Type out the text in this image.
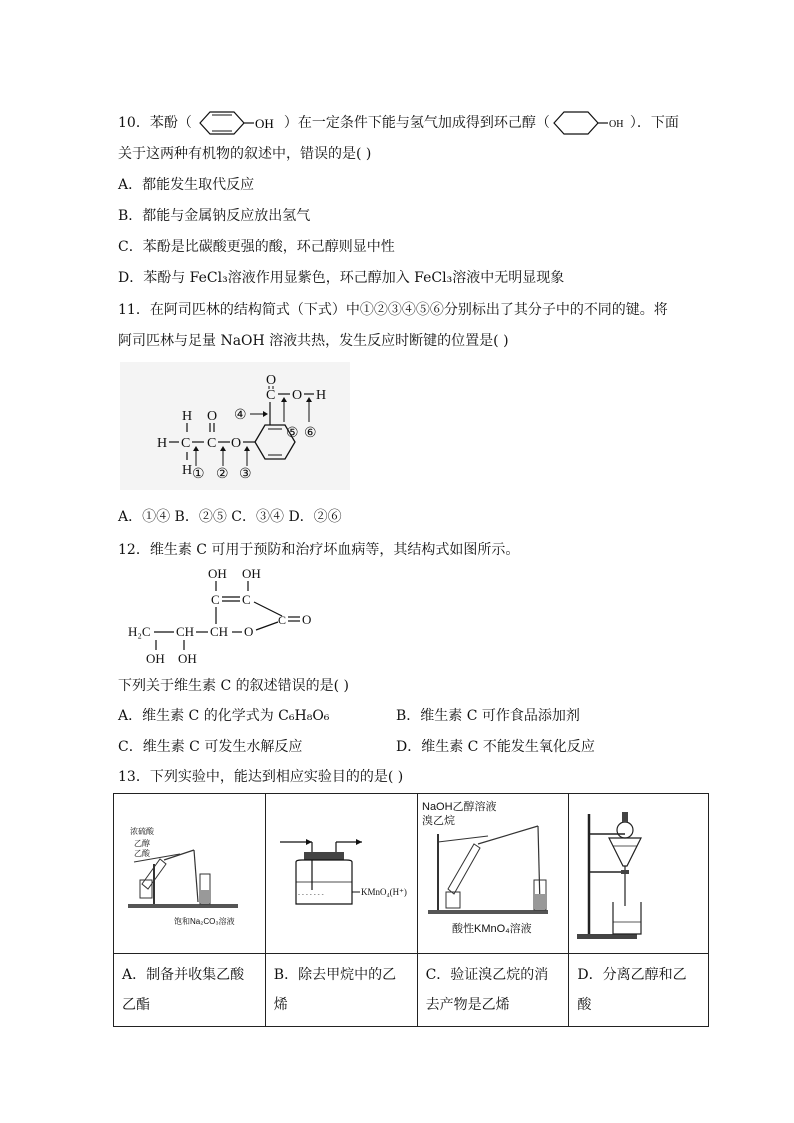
10．苯酚（	OH ）在一定条件下能与氢气加成得到环己醇（	OH ）．下面
关于这两种有机物的叙述中，错误的是( )
A．都能发生取代反应
B．都能与金属钠反应放出氢气
C．苯酚是比碳酸更强的酸，环己醇则显中性
D．苯酚与 FeCl₃溶液作用显紫色，环己醇加入 FeCl₃溶液中无明显现象
11．在阿司匹林的结构简式（下式）中①②③④⑤⑥分别标出了其分子中的不同的键。将
阿司匹林与足量 NaOH 溶液共热，发生反应时断键的位置是( )
H
H C C
O
O
H ① ② ③
C
O
O H
④
⑤ ⑥
A．①④ B．②⑤ C．③④ D．②⑥
12．维生素 C 可用于预防和治疗坏血病等，其结构式如图所示。
OH OH
C C
C O
H₂C CH CH O
OH OH
下列关于维生素 C 的叙述错误的是( )
A．维生素 C 的化学式为 C₆H₈O₆	B．维生素 C 可作食品添加剂
C．维生素 C 可发生水解反应	D．维生素 C 不能发生氧化反应
13．下列实验中，能达到相应实验目的的是( )
浓硫酸
乙醇
乙酸
饱和Na₂CO₃溶液	- - - - - - - KMnO₄(H⁺)	NaOH乙醇溶液
溴乙烷
酸性KMnO₄溶液

A．制备并收集乙酸乙酯	B．除去甲烷中的乙烯	C．验证溴乙烷的消去产物是乙烯	D．分离乙醇和乙酸
